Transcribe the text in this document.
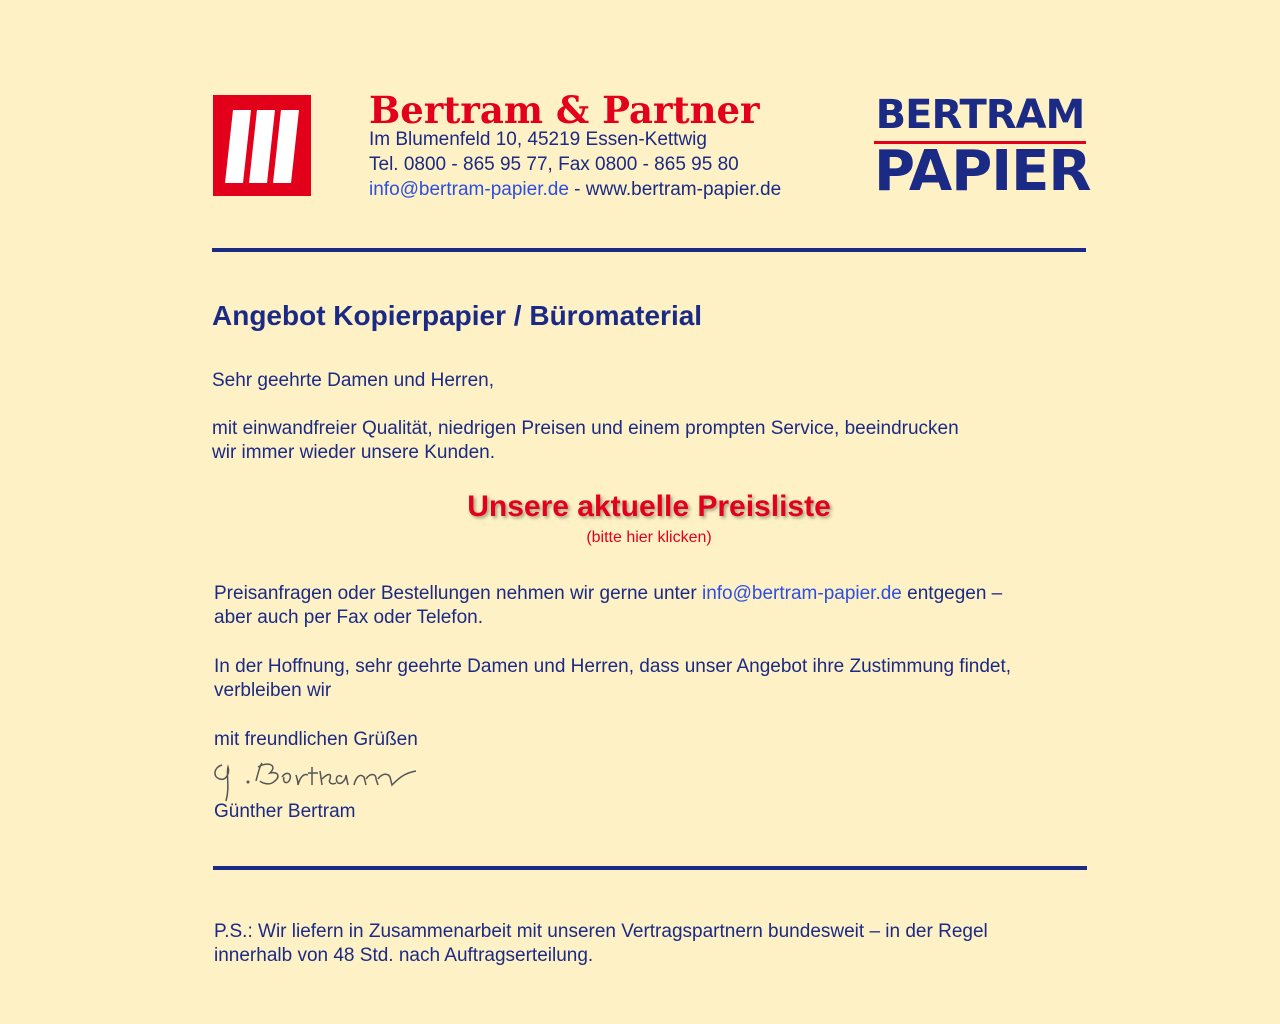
Bertram & Partner
Im Blumenfeld 10, 45219 Essen-Kettwig
Tel. 0800 - 865 95 77, Fax 0800 - 865 95 80
info@bertram-papier.de - www.bertram-papier.de
BERTRAM
PAPIER
Angebot Kopierpapier / Büromaterial
Sehr geehrte Damen und Herren,
mit einwandfreier Qualität, niedrigen Preisen und einem prompten Service, beeindrucken
wir immer wieder unsere Kunden.
Unsere aktuelle Preisliste
(bitte hier klicken)
Preisanfragen oder Bestellungen nehmen wir gerne unter info@bertram-papier.de entgegen –
aber auch per Fax oder Telefon.
In der Hoffnung, sehr geehrte Damen und Herren, dass unser Angebot ihre Zustimmung findet,
verbleiben wir
mit freundlichen Grüßen
Günther Bertram
P.S.: Wir liefern in Zusammenarbeit mit unseren Vertragspartnern bundesweit – in der Regel
innerhalb von 48 Std. nach Auftragserteilung.
